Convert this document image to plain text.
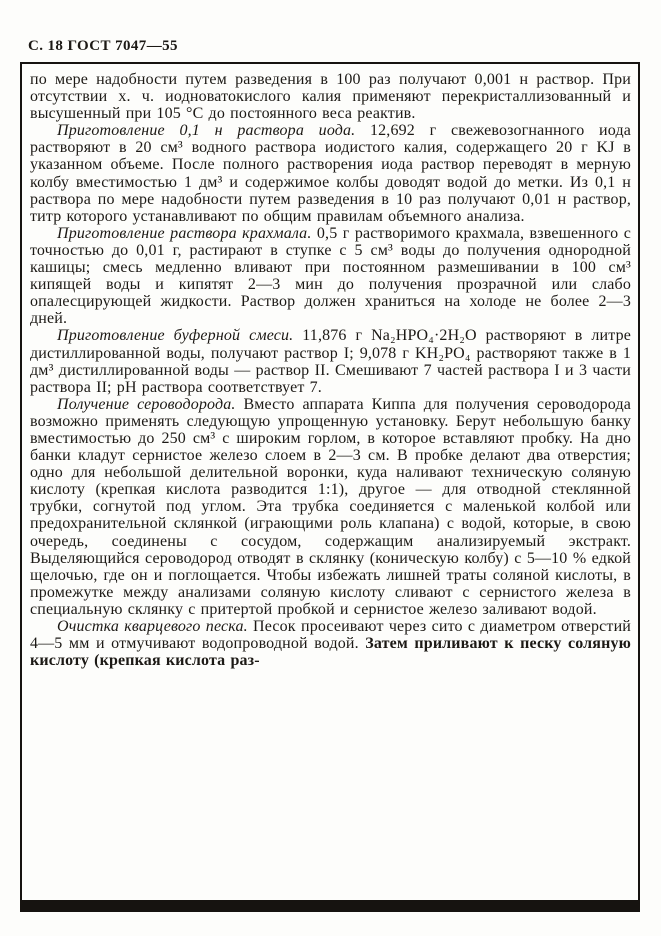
С. 18 ГОСТ 7047—55

по мере надобности путем разведения в 100 раз получают 0,001 н раствор. При отсутствии х. ч. иодноватокислого калия применяют перекристаллизованный и высушенный при 105 °C до постоянного веса реактив.

Приготовление 0,1 н раствора иода. 12,692 г свежевозогнанного иода растворяют в 20 см³ водного раствора иодистого калия, содержащего 20 г KJ в указанном объеме. После полного растворения иода раствор переводят в мерную колбу вместимостью 1 дм³ и содержимое колбы доводят водой до метки. Из 0,1 н раствора по мере надобности путем разведения в 10 раз получают 0,01 н раствор, титр которого устанавливают по общим правилам объемного анализа.

Приготовление раствора крахмала. 0,5 г растворимого крахмала, взвешенного с точностью до 0,01 г, растирают в ступке с 5 см³ воды до получения однородной кашицы; смесь медленно вливают при постоянном размешивании в 100 см³ кипящей воды и кипятят 2—3 мин до получения прозрачной или слабо опалесцирующей жидкости. Раствор должен храниться на холоде не более 2—3 дней.

Приготовление буферной смеси. 11,876 г Na₂HPO₄·2H₂O растворяют в литре дистиллированной воды, получают раствор I; 9,078 г KH₂PO₄ растворяют также в 1 дм³ дистиллированной воды — раствор II. Смешивают 7 частей раствора I и 3 части раствора II; pH раствора соответствует 7.

Получение сероводорода. Вместо аппарата Киппа для получения сероводорода возможно применять следующую упрощенную установку. Берут небольшую банку вместимостью до 250 см³ с широким горлом, в которое вставляют пробку. На дно банки кладут сернистое железо слоем в 2—3 см. В пробке делают два отверстия; одно для небольшой делительной воронки, куда наливают техническую соляную кислоту (крепкая кислота разводится 1:1), другое — для отводной стеклянной трубки, согнутой под углом. Эта трубка соединяется с маленькой колбой или предохранительной склянкой (играющими роль клапана) с водой, которые, в свою очередь, соединены с сосудом, содержащим анализируемый экстракт. Выделяющийся сероводород отводят в склянку (коническую колбу) с 5—10 % едкой щелочью, где он и поглощается. Чтобы избежать лишней траты соляной кислоты, в промежутке между анализами соляную кислоту сливают с сернистого железа в специальную склянку с притертой пробкой и сернистое железо заливают водой.

Очистка кварцевого песка. Песок просеивают через сито с диаметром отверстий 4—5 мм и отмучивают водопроводной водой. Затем приливают к песку соляную кислоту (крепкая кислота раз-
